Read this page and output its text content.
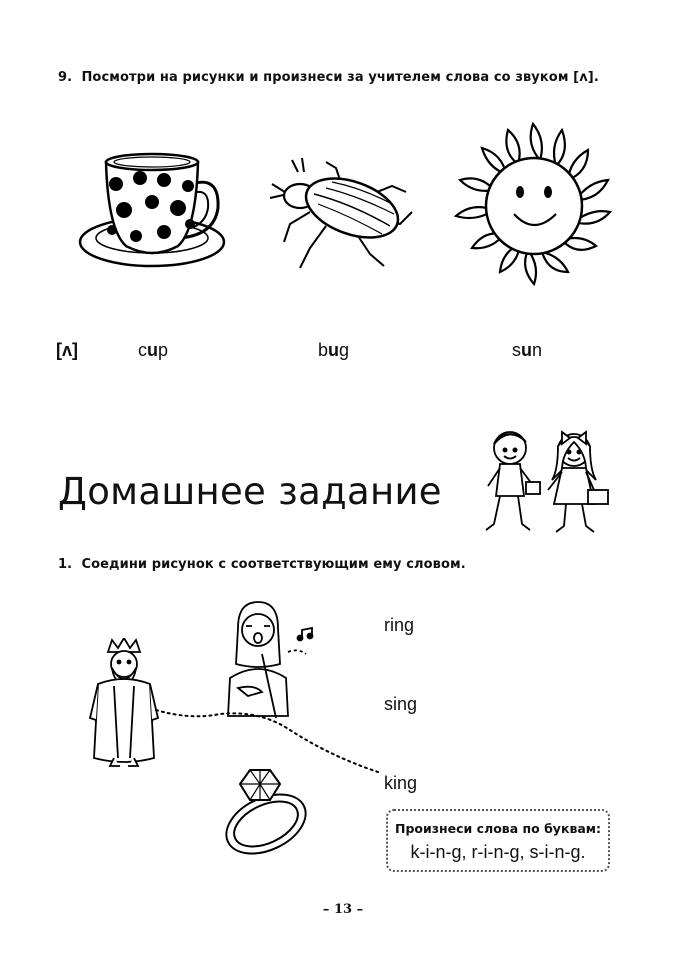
9. Посмотри на рисунки и произнеси за учителем слова со звуком [ʌ].
[ʌ]	cup	bug	sun
Домашнее задание
1. Соедини рисунок с соответствующим ему словом.
ring
sing
king
Произнеси слова по буквам:
k-i-n-g, r-i-n-g, s-i-n-g.
– 13 –
